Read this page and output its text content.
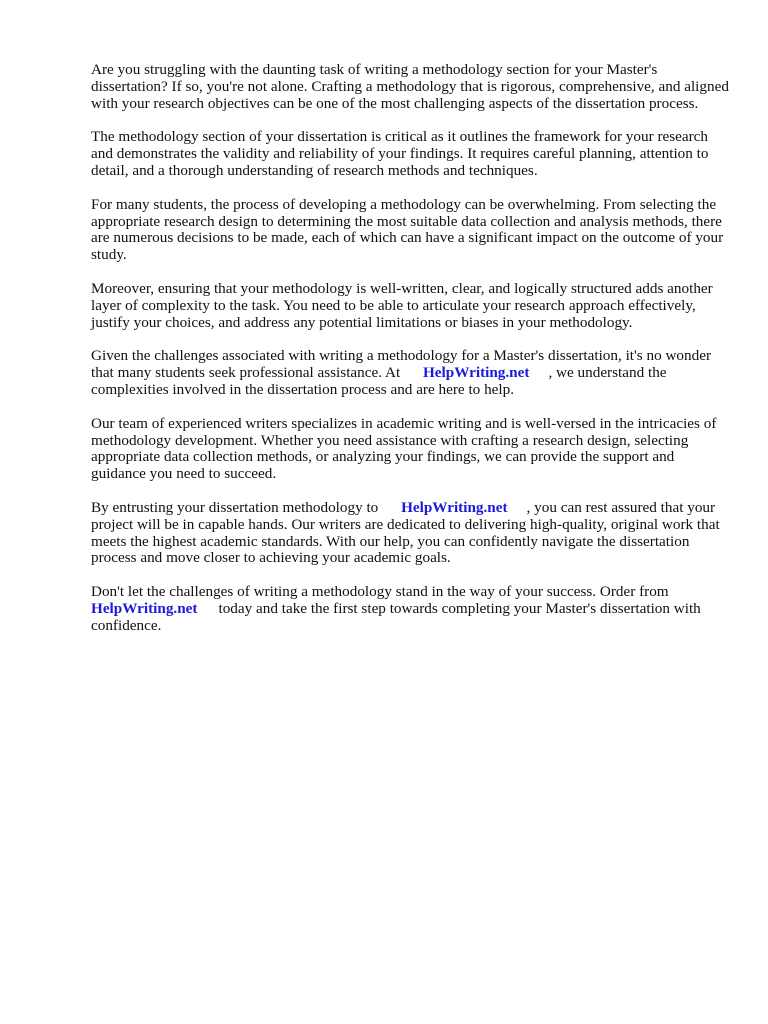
Are you struggling with the daunting task of writing a methodology section for your Master's dissertation? If so, you're not alone. Crafting a methodology that is rigorous, comprehensive, and aligned with your research objectives can be one of the most challenging aspects of the dissertation process.

The methodology section of your dissertation is critical as it outlines the framework for your research and demonstrates the validity and reliability of your findings. It requires careful planning, attention to detail, and a thorough understanding of research methods and techniques.

For many students, the process of developing a methodology can be overwhelming. From selecting the appropriate research design to determining the most suitable data collection and analysis methods, there are numerous decisions to be made, each of which can have a significant impact on the outcome of your study.

Moreover, ensuring that your methodology is well-written, clear, and logically structured adds another layer of complexity to the task. You need to be able to articulate your research approach effectively, justify your choices, and address any potential limitations or biases in your methodology.

Given the challenges associated with writing a methodology for a Master's dissertation, it's no wonder that many students seek professional assistance. At HelpWriting.net , we understand the complexities involved in the dissertation process and are here to help.

Our team of experienced writers specializes in academic writing and is well-versed in the intricacies of methodology development. Whether you need assistance with crafting a research design, selecting appropriate data collection methods, or analyzing your findings, we can provide the support and guidance you need to succeed.

By entrusting your dissertation methodology to HelpWriting.net , you can rest assured that your project will be in capable hands. Our writers are dedicated to delivering high-quality, original work that meets the highest academic standards. With our help, you can confidently navigate the dissertation process and move closer to achieving your academic goals.

Don't let the challenges of writing a methodology stand in the way of your success. Order from HelpWriting.net today and take the first step towards completing your Master's dissertation with confidence.
